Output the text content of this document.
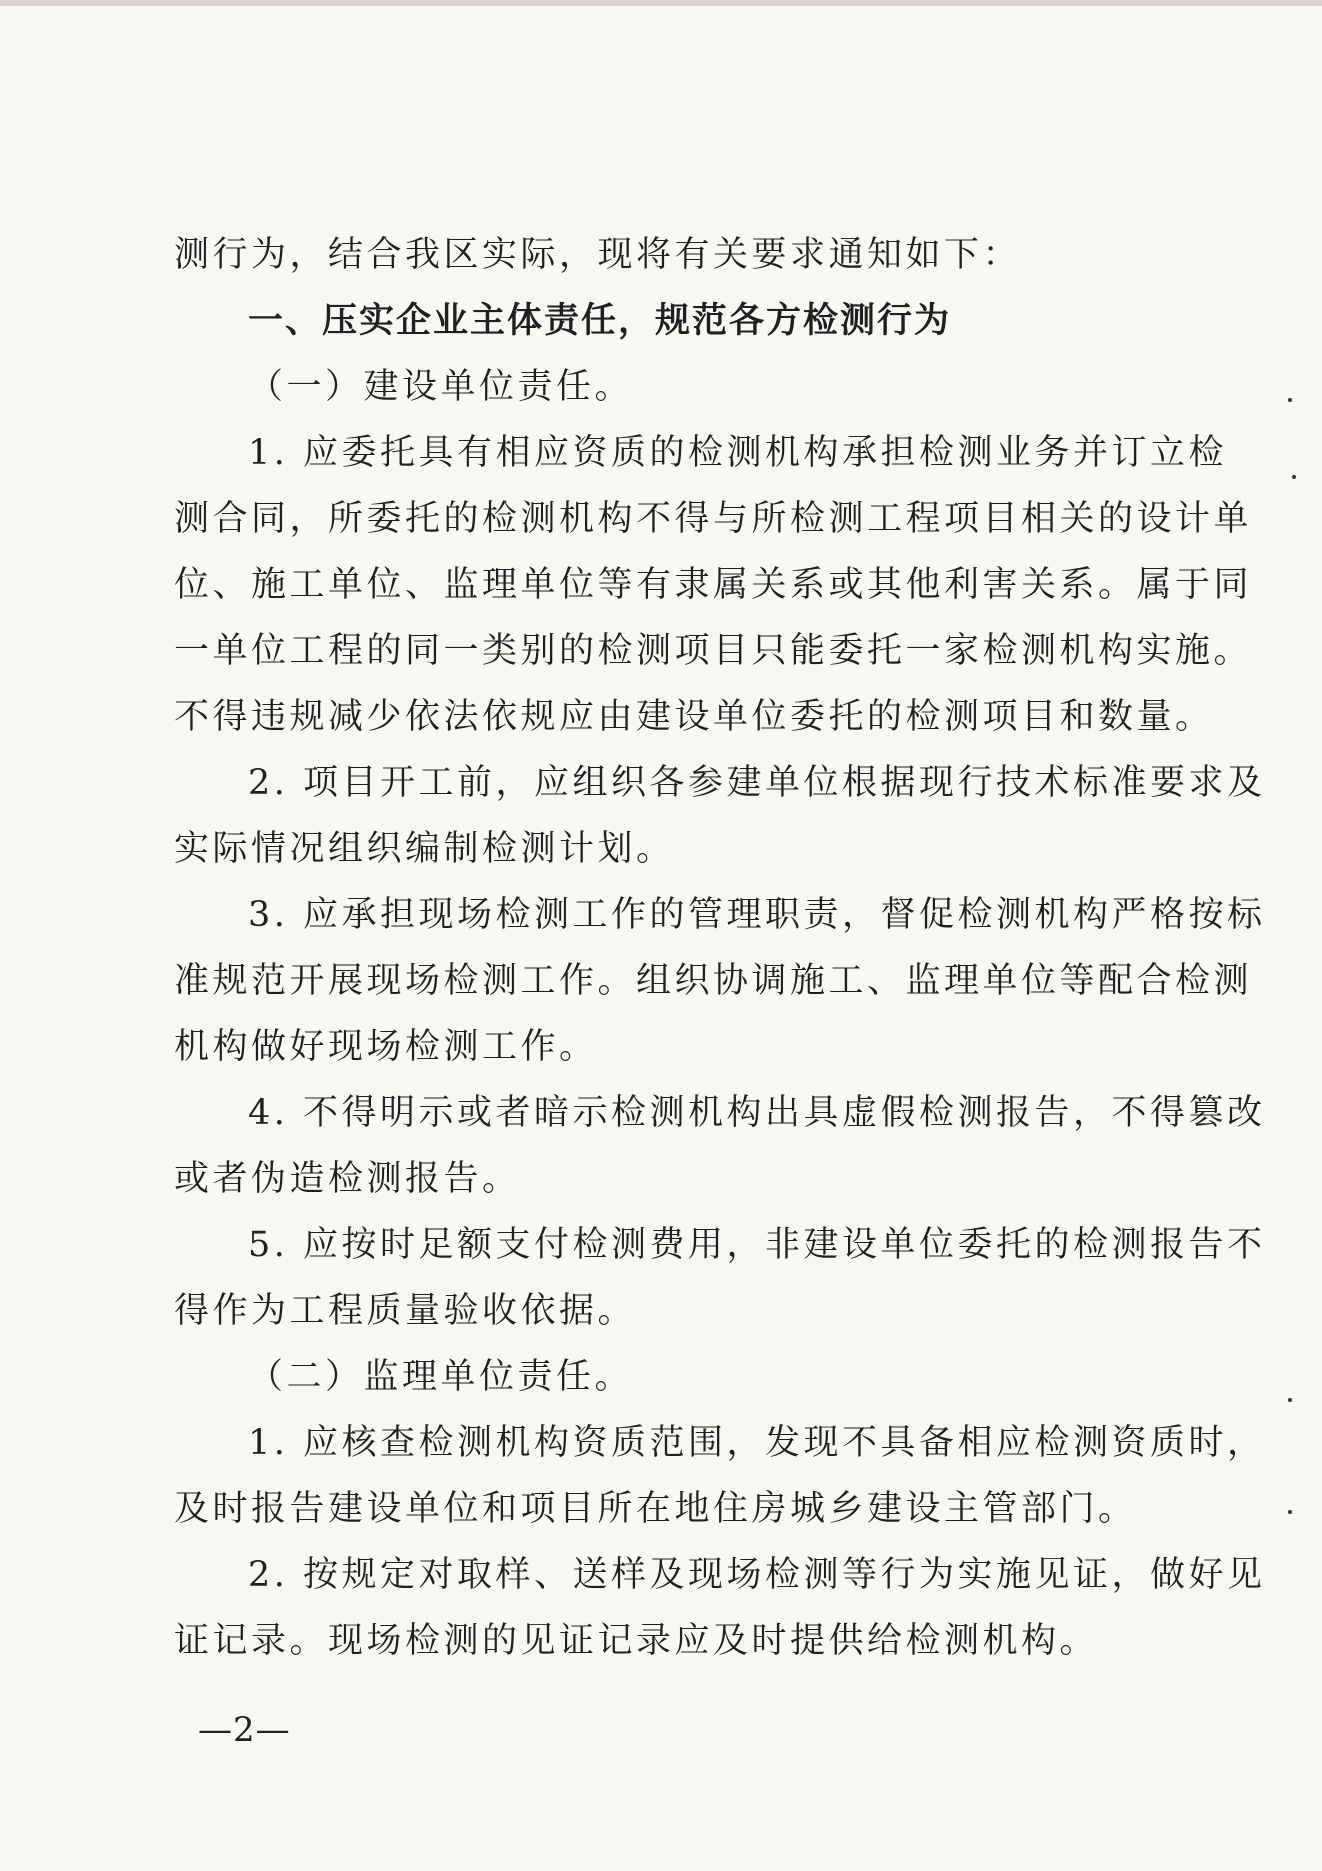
测行为，结合我区实际，现将有关要求通知如下：
一、压实企业主体责任，规范各方检测行为
（一）建设单位责任。
1. 应委托具有相应资质的检测机构承担检测业务并订立检
测合同，所委托的检测机构不得与所检测工程项目相关的设计单
位、施工单位、监理单位等有隶属关系或其他利害关系。属于同
一单位工程的同一类别的检测项目只能委托一家检测机构实施。
不得违规减少依法依规应由建设单位委托的检测项目和数量。
2. 项目开工前，应组织各参建单位根据现行技术标准要求及
实际情况组织编制检测计划。
3. 应承担现场检测工作的管理职责，督促检测机构严格按标
准规范开展现场检测工作。组织协调施工、监理单位等配合检测
机构做好现场检测工作。
4. 不得明示或者暗示检测机构出具虚假检测报告，不得篡改
或者伪造检测报告。
5. 应按时足额支付检测费用，非建设单位委托的检测报告不
得作为工程质量验收依据。
（二）监理单位责任。
1. 应核查检测机构资质范围，发现不具备相应检测资质时，
及时报告建设单位和项目所在地住房城乡建设主管部门。
2. 按规定对取样、送样及现场检测等行为实施见证，做好见
证记录。现场检测的见证记录应及时提供给检测机构。
—2—
